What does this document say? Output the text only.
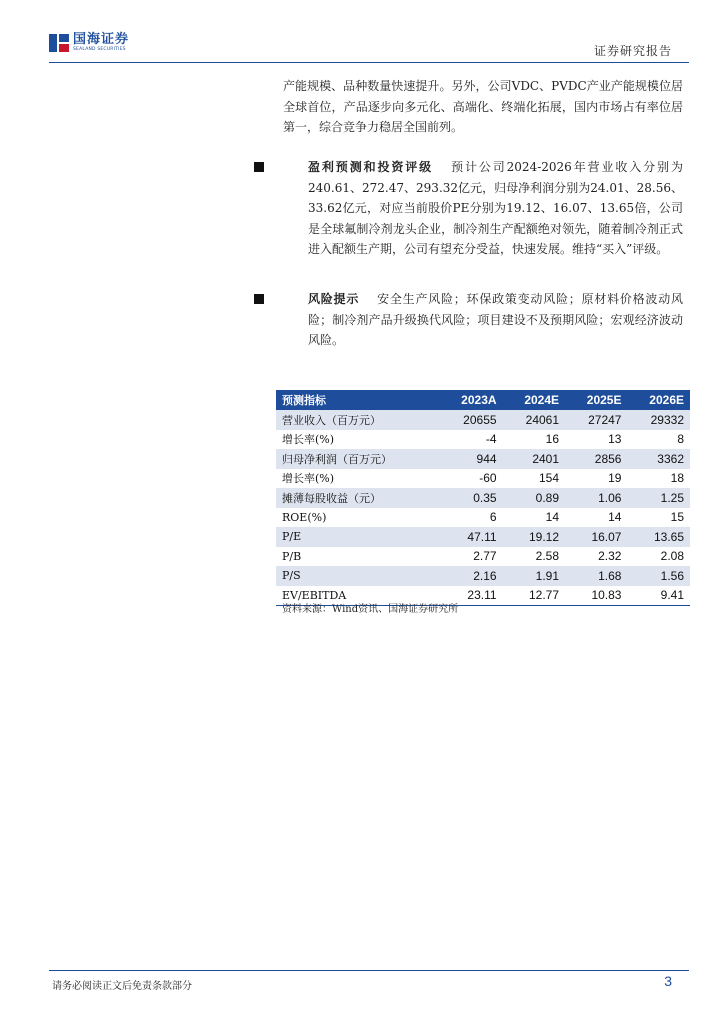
国海证券
SEALAND SECURITIES	证券研究报告
产能规模、品种数量快速提升。另外，公司VDC、PVDC产业产能规模位居全球首位，产品逐步向多元化、高端化、终端化拓展，国内市场占有率位居第一，综合竞争力稳居全国前列。
盈利预测和投资评级 预计公司2024-2026年营业收入分别为240.61、272.47、293.32亿元，归母净利润分别为24.01、28.56、33.62亿元，对应当前股价PE分别为19.12、16.07、13.65倍，公司是全球氟制冷剂龙头企业，制冷剂生产配额绝对领先，随着制冷剂正式进入配额生产期，公司有望充分受益，快速发展。维持“买入”评级。
风险提示 安全生产风险；环保政策变动风险；原材料价格波动风险；制冷剂产品升级换代风险；项目建设不及预期风险；宏观经济波动风险。
预测指标	2023A	2024E	2025E	2026E
营业收入（百万元）	20655	24061	27247	29332
增长率(%)	-4	16	13	8
归母净利润（百万元）	944	2401	2856	3362
增长率(%)	-60	154	19	18
摊薄每股收益（元）	0.35	0.89	1.06	1.25
ROE(%)	6	14	14	15
P/E	47.11	19.12	16.07	13.65
P/B	2.77	2.58	2.32	2.08
P/S	2.16	1.91	1.68	1.56
EV/EBITDA	23.11	12.77	10.83	9.41
资料来源：Wind资讯、国海证券研究所
请务必阅读正文后免责条款部分	3
